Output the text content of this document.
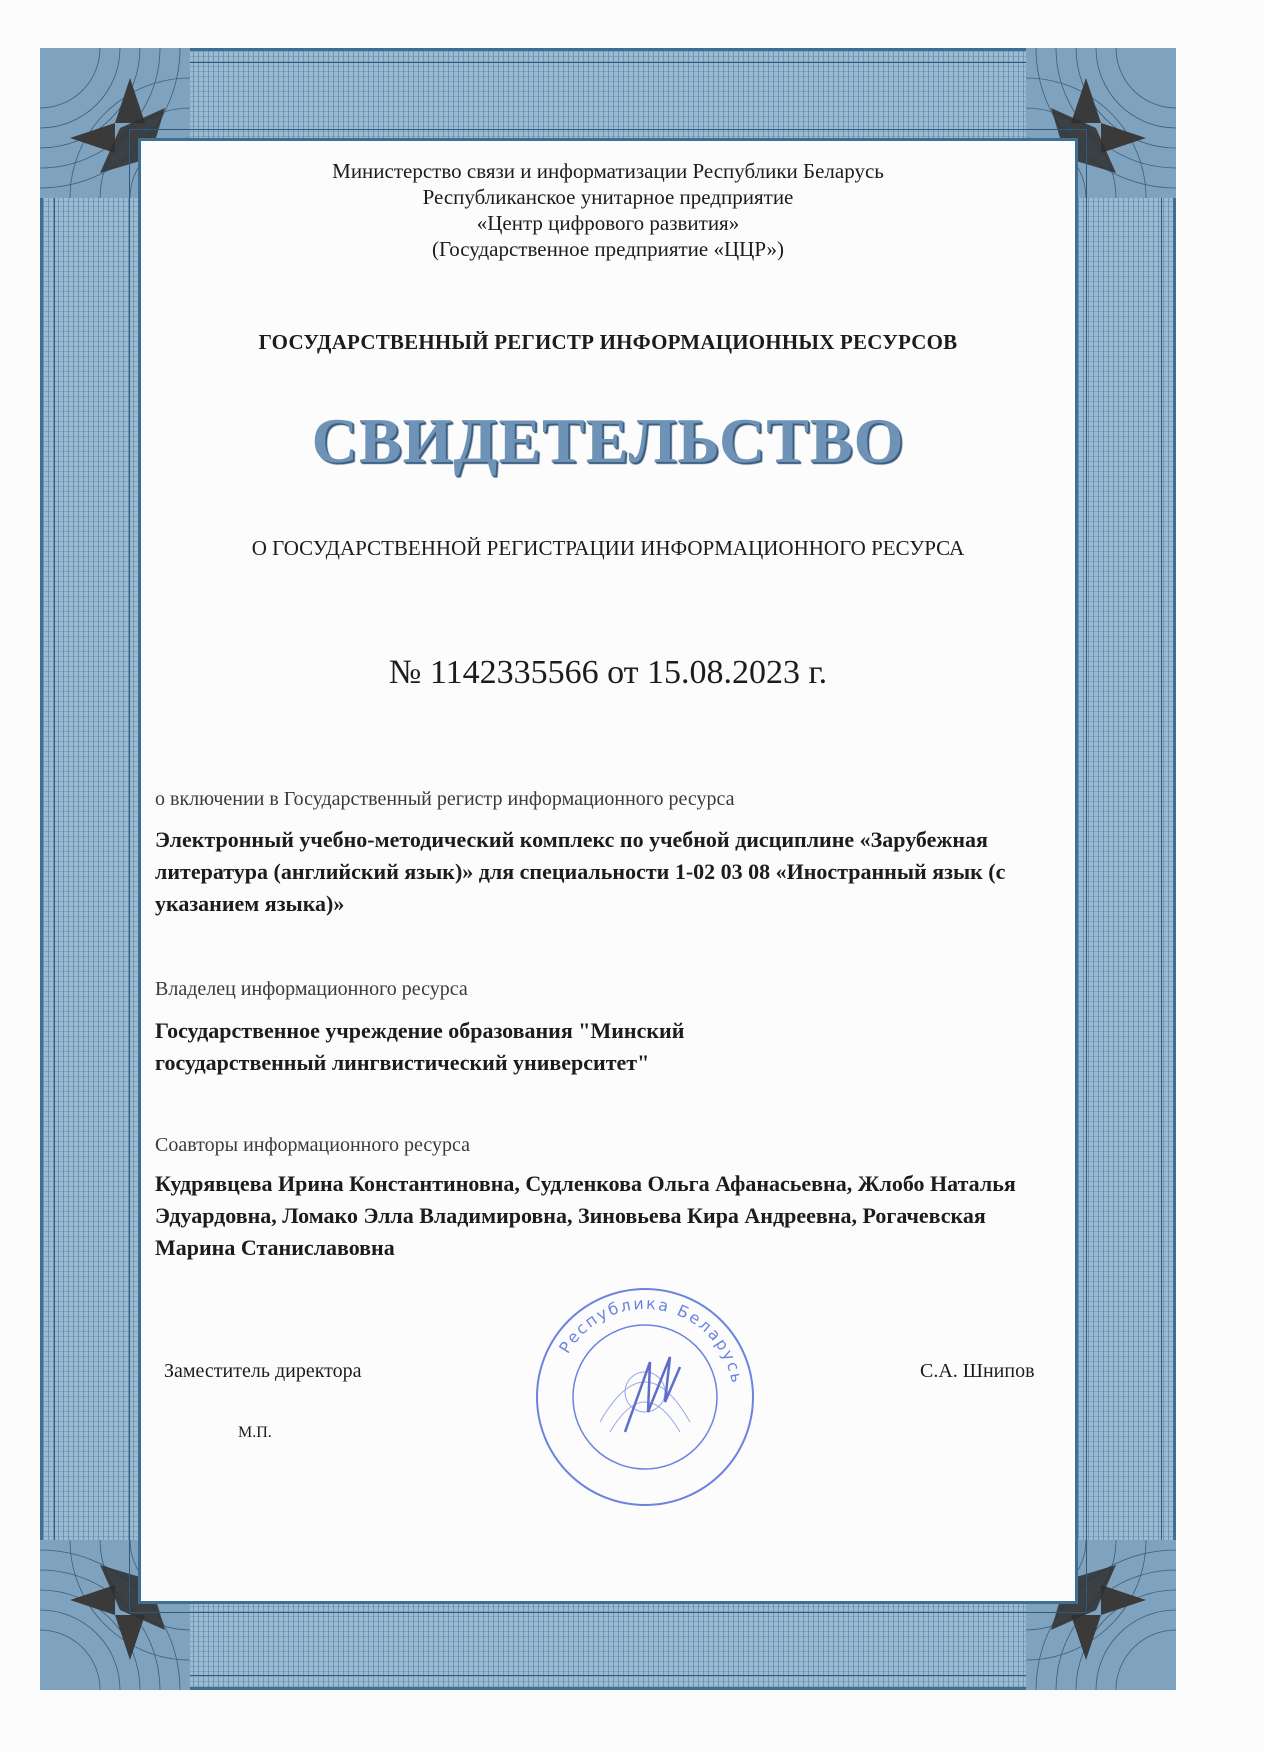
Министерство связи и информатизации Республики Беларусь
Республиканское унитарное предприятие
«Центр цифрового развития»
(Государственное предприятие «ЦЦР»)
ГОСУДАРСТВЕННЫЙ РЕГИСТР ИНФОРМАЦИОННЫХ РЕСУРСОВ
СВИДЕТЕЛЬСТВО
О ГОСУДАРСТВЕННОЙ РЕГИСТРАЦИИ ИНФОРМАЦИОННОГО РЕСУРСА
№ 1142335566 от 15.08.2023 г.
о включении в Государственный регистр информационного ресурса
Электронный учебно-методический комплекс по учебной дисциплине «Зарубежная литература (английский язык)» для специальности 1-02 03 08 «Иностранный язык (с указанием языка)»
Владелец информационного ресурса
Государственное учреждение образования "Минский государственный лингвистический университет"
Соавторы информационного ресурса
Кудрявцева Ирина Константиновна, Судленкова Ольга Афанасьевна, Жлобо Наталья Эдуардовна, Ломако Элла Владимировна, Зиновьева Кира Андреевна, Рогачевская Марина Станиславовна
Заместитель директора	С.А. Шнипов
М.П.
Республика Беларусь
